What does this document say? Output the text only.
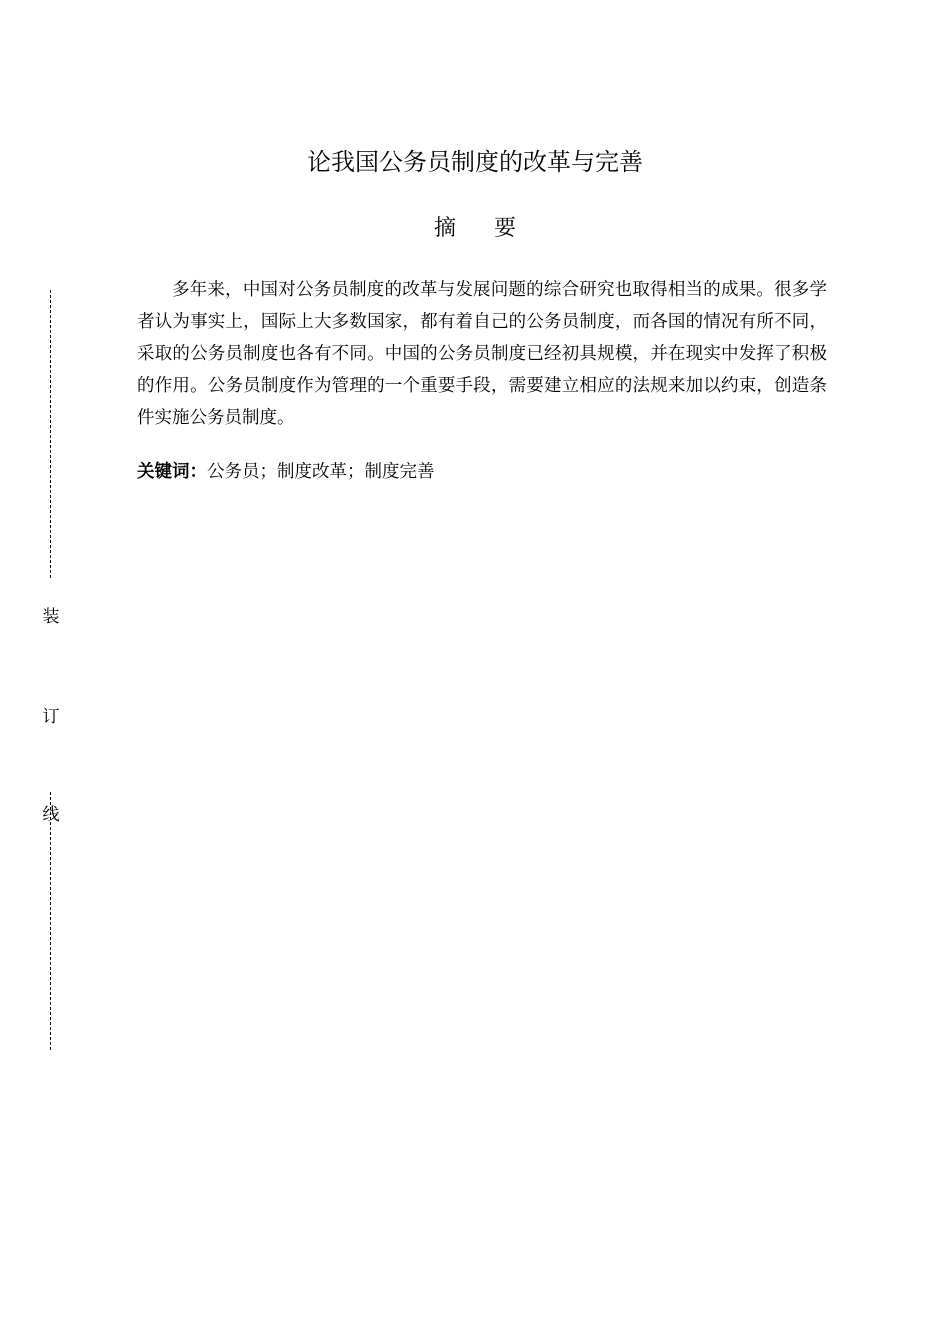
装
订
线
论我国公务员制度的改革与完善
摘要

多年来，中国对公务员制度的改革与发展问题的综合研究也取得相当的成果。很多学者认为事实上，国际上大多数国家，都有着自己的公务员制度，而各国的情况有所不同，采取的公务员制度也各有不同。中国的公务员制度已经初具规模，并在现实中发挥了积极的作用。公务员制度作为管理的一个重要手段，需要建立相应的法规来加以约束，创造条件实施公务员制度。

关键词：公务员；制度改革；制度完善
